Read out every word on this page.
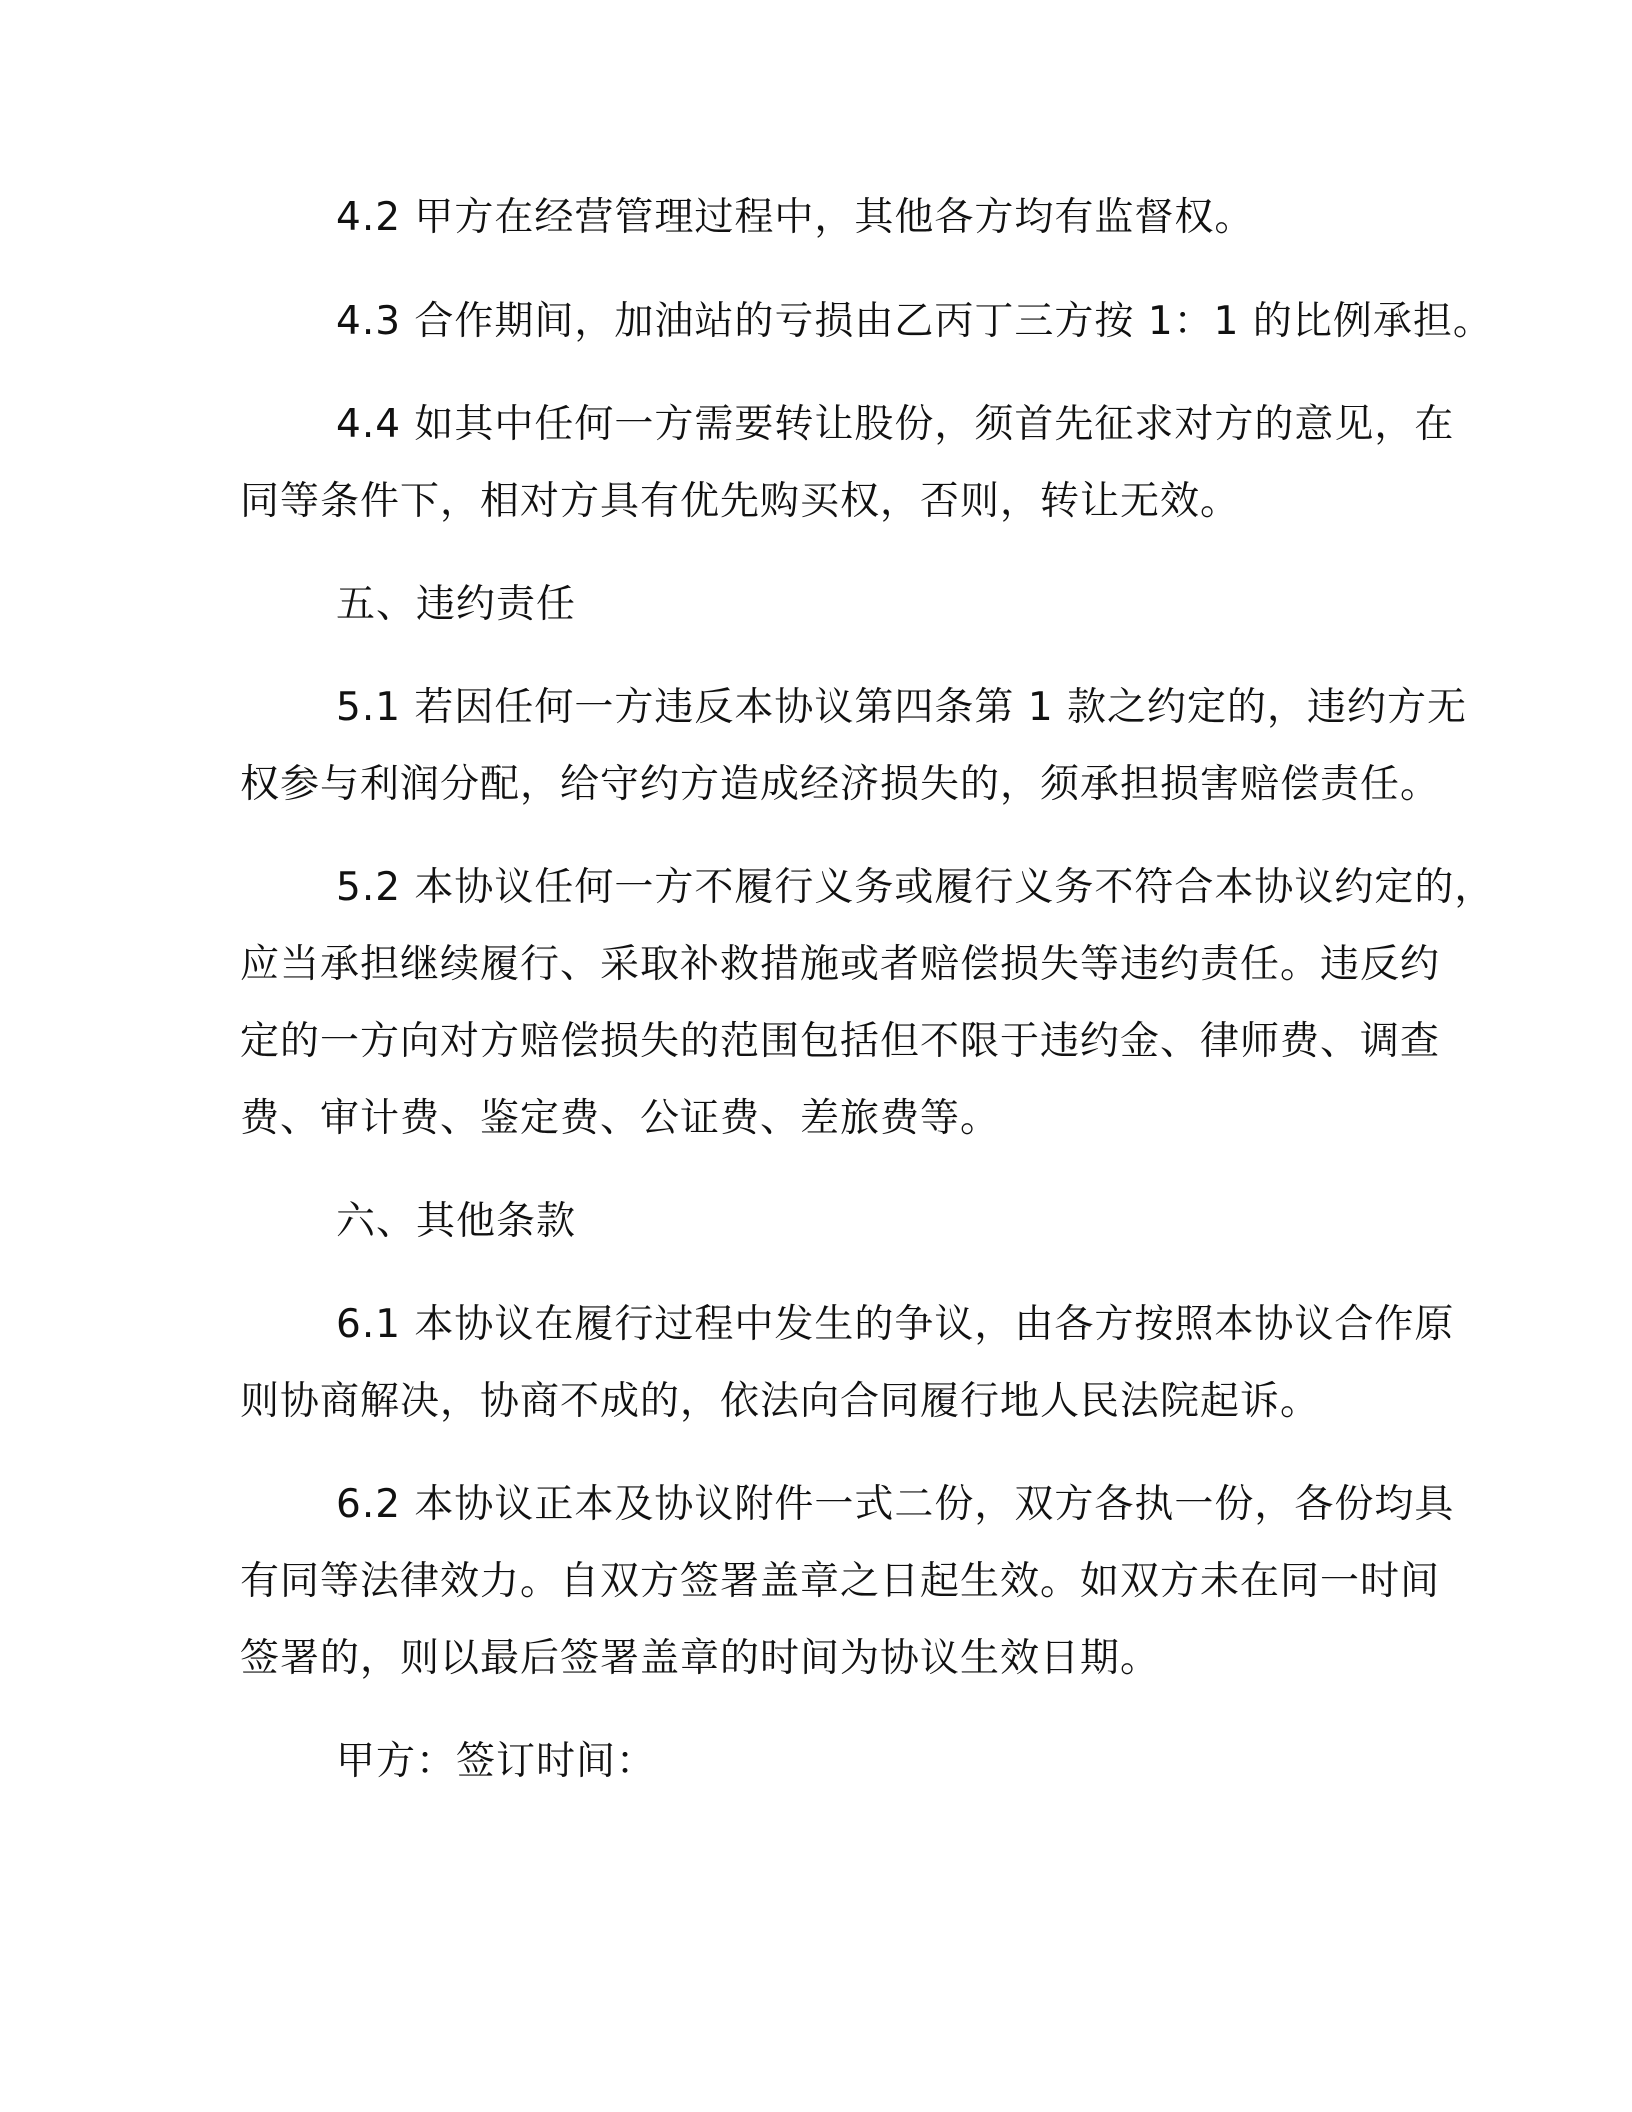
4.2 甲方在经营管理过程中，其他各方均有监督权。
4.3 合作期间，加油站的亏损由乙丙丁三方按 1：1 的比例承担。
4.4 如其中任何一方需要转让股份，须首先征求对方的意见，在
同等条件下，相对方具有优先购买权，否则，转让无效。
五、违约责任
5.1 若因任何一方违反本协议第四条第 1 款之约定的，违约方无
权参与利润分配，给守约方造成经济损失的，须承担损害赔偿责任。
5.2 本协议任何一方不履行义务或履行义务不符合本协议约定的，
应当承担继续履行、采取补救措施或者赔偿损失等违约责任。违反约
定的一方向对方赔偿损失的范围包括但不限于违约金、律师费、调查
费、审计费、鉴定费、公证费、差旅费等。
六、其他条款
6.1 本协议在履行过程中发生的争议，由各方按照本协议合作原
则协商解决，协商不成的，依法向合同履行地人民法院起诉。
6.2 本协议正本及协议附件一式二份，双方各执一份，各份均具
有同等法律效力。自双方签署盖章之日起生效。如双方未在同一时间
签署的，则以最后签署盖章的时间为协议生效日期。
甲方：签订时间：
